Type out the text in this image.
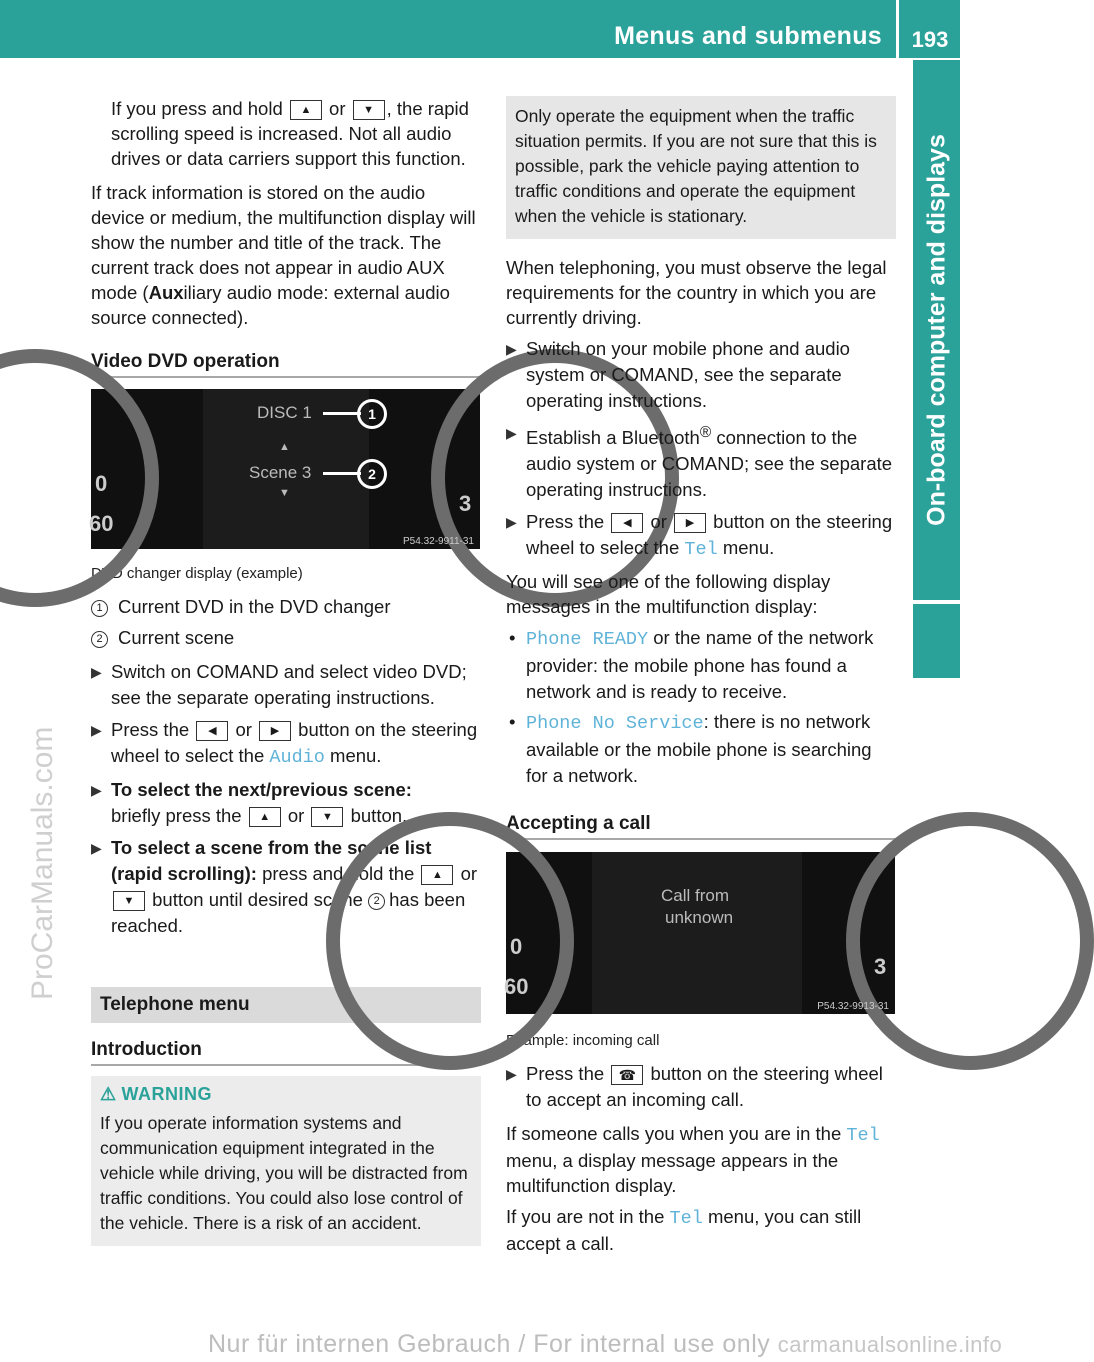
Menus and submenus	193
On-board computer and displays
ProCarManuals.com
Nur für internen Gebrauch / For internal use only carmanualsonline.info

If you press and hold ▲ or ▼ , the rapid scrolling speed is increased. Not all audio drives or data carriers support this function.

If track information is stored on the audio device or medium, the multifunction display will show the number and title of the track. The current track does not appear in audio AUX mode (Auxiliary audio mode: external audio source connected).

Video DVD operation
0
60
3
DISC 1
▲
Scene 3
▼
1
2
P54.32-9911-31

DVD changer display (example)

1 Current DVD in the DVD changer

2 Current scene

▶ Switch on COMAND and select video DVD; see the separate operating instructions.
▶ Press the ◀ or ▶ button on the steering wheel to select the Audio menu.
▶ To select the next/previous scene:
briefly press the ▲ or ▼ button.
▶ To select a scene from the scene list (rapid scrolling): press and hold the ▲ or ▼ button until desired scene 2 has been reached.
Telephone menu
Introduction
⚠ WARNING
If you operate information systems and communication equipment integrated in the vehicle while driving, you will be distracted from traffic conditions. You could also lose control of the vehicle. There is a risk of an accident.
Only operate the equipment when the traffic situation permits. If you are not sure that this is possible, park the vehicle paying attention to traffic conditions and operate the equipment when the vehicle is stationary.

When telephoning, you must observe the legal requirements for the country in which you are currently driving.

▶ Switch on your mobile phone and audio system or COMAND, see the separate operating instructions.
▶ Establish a Bluetooth® connection to the audio system or COMAND; see the separate operating instructions.
▶ Press the ◀ or ▶ button on the steering wheel to select the Tel menu.

You will see one of the following display messages in the multifunction display:

• Phone READY or the name of the network provider: the mobile phone has found a network and is ready to receive.
• Phone No Service: there is no network available or the mobile phone is searching for a network.
Accepting a call
0
60
3
Call from
unknown
P54.32-9913-31

Example: incoming call

▶ Press the ☎ button on the steering wheel to accept an incoming call.

If someone calls you when you are in the Tel menu, a display message appears in the multifunction display.

If you are not in the Tel menu, you can still accept a call.
